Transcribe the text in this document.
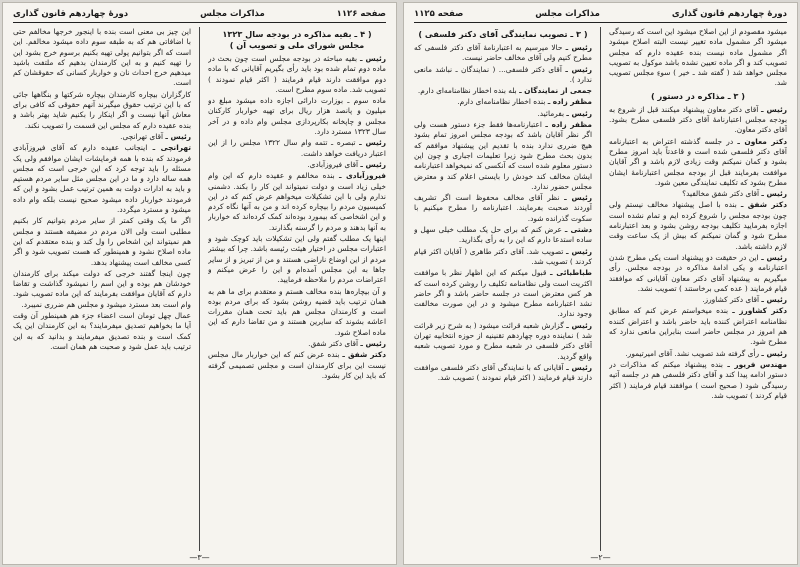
صفحه ۱۱۲۶
مذاکرات مجلس
دورهٔ چهاردهم قانون گذاری
( ۴ ـ بقیه مذاکره در بودجه سال ۱۳۲۳ مجلس شورای ملی و تصویب آن )
رئیس ـ بقیه مباحثه در بودجه مجلس است چون بحث در ماده دوم تمام شده بود باید رأی بگیریم آقایانی که با ماده دوم موافقت دارند قیام فرمایند ( اکثر قیام نمودند ) تصویب شد. ماده سوم مطرح است.
ماده سوم ـ بوزارت دارائی اجازه داده میشود مبلغ دو میلیون و پانصد هزار ریال برای تهیه خواربار کارکنان مجلس و چاپخانه بکارپردازی مجلس وام داده و در آخر سال ۱۳۲۳ مسترد دارد.
رئیس ـ تبصره ـ تتمه وام سال ۱۳۲۲ مجلس را از این اعتبار دریافت خواهد داشت.
رئیس ـ آقای فیروزآبادی.
فیروزآبادی ـ بنده مخالفم و عقیده دارم که این وام خیلی زیاد است و دولت نمیتواند این کار را بکند. دشمنی ندارم ولی با این تشکیلات میخواهم عرض کنم که در این کمیسیون مردم را بیچاره کرده اند و من به آنها نگاه کردم و این اشخاصی که بیمورد بوده‌اند کمک کرده‌اند که خواربار به آنها بدهند و مردم را گرسنه بگذارند.
اینها یک مطلب گفتم ولی این تشکیلات باید کوچک شود و اعتبارات مجلس در اختیار هیئت رئیسه باشد. چرا که بیشتر مردم از این اوضاع ناراضی هستند و من از تبریز و از سایر جاها به این مجلس آمده‌ام و این را عرض میکنم و اعتراضات مردم را ملاحظه فرمایید.
و آن بیچاره‌ها بنده مخالف هستم و معتقدم برای ما هم به همان ترتیب باید قضیه روشن بشود که برای مردم بوده است و کارمندان مجلس هم باید تحت همان مقررات اعاشه بشوند که سایرین هستند و من تقاضا دارم که این ماده اصلاح شود.
رئیس ـ آقای دکتر شفق.
دکتر شفق ـ بنده عرض کنم که این خواربار مال مجلس نیست این برای کارمندان است و مجلس تصمیمی گرفته که باید این کار بشود.
این چیز بی معنی است بنده با اینجور خرجها مخالفم حتی با اضافاتی هم که به طبقه سوم داده میشود مخالفم. این است که اگر بتوانیم پولی تهیه بکنیم برسوم خرج بشود این را تهیه کنیم و به این کارمندان بدهیم که ملتفت باشید میدهیم خرج احداث نان و خواربار کسانی که حقوقشان کم است.
کارگزاران بیچاره کارمندان بیچاره شرکتها و بنگاهها جائی که با این ترتیب حقوق میگیرند آنهم حقوقی که کافی برای معاش آنها نیست و اگر اینکار را بکنیم شاید بهتر باشد و بنده عقیده دارم که مجلس این قسمت را تصویب نکند.
رئیس ـ آقای تهرانچی.
تهرانچی ـ اینجانب عقیده دارم که آقای فیروزآبادی فرمودند که بنده با همه فرمایشات ایشان موافقم ولی یک مسئله را باید توجه کرد که این خرجی است که مجلس همه ساله دارد و ما در این مجلس مثل سایر مردم هستیم و باید به ادارات دولت به همین ترتیب عمل بشود و این که فرمودند خواربار داده میشود صحیح نیست بلکه وام داده میشود و مسترد میگردد.
اگر ما یک وقتی کمتر از سایر مردم بتوانیم کار بکنیم مطلبی است ولی الان مردم در مضیقه هستند و مجلس هم نمیتواند این اشخاص را ول کند و بنده معتقدم که این ماده اصلاح نشود و همینطور که هست تصویب شود و اگر کسی مخالف است پیشنهاد بدهد.
چون اینجا گفتند خرجی که دولت میکند برای کارمندان خودشان هم بوده و این اسم را نمیشود گذاشت و تقاضا دارم که آقایان موافقت بفرمایند که این ماده تصویب شود. وام است بعد مسترد میشود و مجلس هم ضرری نمیبرد.
عمال چهل تومان است اعضاء جزء هم همینطور آن وقت آیا ما بخواهیم تصدیق میفرمایند؟ به این کارمندان این یک کمک است و بنده تصدیق میفرمایند و بدانید که به این ترتیب باید عمل شود و صحبت هم همان است.
—۳—
دورهٔ چهاردهم قانون گذاری
مذاکرات مجلس
صفحه ۱۱۲۵
میشود مقصودم از این اصلاح میشود این است که رسیدگی میشود اگر مشمول ماده تغییر نیست البته اصلاح میشود اگر مشمول ماده نیست بنده عقیده دارم که مجلس تصویب کند و اگر ماده تعیین نشده باشد موکول به تصویب مجلس خواهد شد ( گفته شد ـ خیر ) سوءِ مجلس تصویب شد.
( ۳ ـ مذاکره در دستور )
رئیس ـ آقای دکتر معاون پیشنهاد میکنند قبل از شروع به بودجه مجلس اعتبارنامهٔ آقای دکتر فلسفی مطرح بشود. آقای دکتر معاون.
دکتر معاون ـ در جلسه گذشته اعتراض به اعتبارنامه آقای دکتر فلسفی شده است و قاعدتاً باید امروز مطرح بشود و کمان نمیکنم وقت زیادی لازم باشد و اگر آقایان موافقت بفرمایند قبل از بودجه مجلس اعتبارنامهٔ ایشان مطرح بشود که تکلیف نمایندگی معین شود.
رئیس ـ آقای دکتر شفق مخالفید؟
دکتر شفق ـ بنده با اصل پیشنهاد مخالف نیستم ولی چون بودجه مجلس را شروع کرده ایم و تمام نشده است اجازه بفرمایید تکلیف بودجه روشن بشود و بعد اعتبارنامه مطرح شود و گمان نمیکنم که بیش از یک ساعت وقت لازم داشته باشد.
رئیس ـ این در حقیقت دو پیشنهاد است یکی مطرح شدن اعتبارنامه و یکی ادامهٔ مذاکره در بودجه مجلس. رأی میگیریم به پیشنهاد آقای دکتر معاون آقایانی که موافقند قیام فرمایند ( عده کمی برخاستند ) تصویب نشد.
رئیس ـ آقای دکتر کشاورز.
دکتر کشاورز ـ بنده میخواستم عرض کنم که مطابق نظامنامه اعتراض کننده باید حاضر باشد و اعتراض کننده هم امروز در مجلس حاضر است بنابراین مانعی ندارد که مطرح شود.
رئیس ـ رأی گرفته شد تصویب نشد. آقای امیرتیمور.
مهندس فریور ـ بنده پیشنهاد میکنم که مذاکرات در دستور ادامه پیدا کند و آقای دکتر فلسفی هم در جلسه آتیه رسیدگی شود ( صحیح است ) موافقند قیام فرمایند ( اکثر قیام کردند ) تصویب شد.
( ۳ ـ تصویب نمایندگی آقای دکتر فلسفی )
رئیس ـ حالا میرسیم به اعتبارنامهٔ آقای دکتر فلسفی که مطرح کنیم ولی آقای مخالف حاضر نیست.
رئیس ـ آقای دکتر فلسفی... ( نمایندگان ـ نباشد مانعی ندارد ).
جمعی از نمایندگان ـ بله بنده اخطار نظامنامه‌ای دارم.
مظفر زاده ـ بنده اخطار نظامنامه‌ای دارم.
رئیس ـ بفرمائید.
مظفر زاده ـ اعتبارنامه‌ها فقط جزء دستور هست ولی اگر نظر آقایان باشد که بودجه مجلس امروز تمام بشود هیچ ضرری ندارد بنده با تقدیم این پیشنهاد موافقم که بدون بحث مطرح شود زیرا تعلیمات اجباری و چون این دستور معلوم شده است که آنکسی که نمیخواهد اعتبارنامه ایشان مخالف کند خودش را بایستی اعلام کند و معترض مجلس حضور ندارد.
رئیس ـ نظر آقای مخالف محفوظ است اگر تشریف آوردند صحبت بفرمایند. اعتبارنامه را مطرح میکنیم با سکوت گذرانده شود.
دشتی ـ عرض کنم که برای حل یک مطلب خیلی سهل و ساده استدعا دارم که این را به رأی بگذارید.
رئیس ـ تصویب شد. آقای دکتر طاهری ( آقایان اکثر قیام کردند ) تصویب شد.
طباطبائی ـ قبول میکنم که این اظهار نظر با موافقت اکثریت است ولی نظامنامه تکلیف را روشن کرده است که هر کس معترض است در جلسه حاضر باشد و اگر حاضر نشد اعتبارنامه مطرح میشود و در این صورت مخالفت وجود ندارد.
رئیس ـ گزارش شعبه قرائت میشود ( به شرح زیر قرائت شد ) نماینده دوره چهاردهم تقنینیه از حوزه انتخابیه تهران آقای دکتر فلسفی در شعبه مطرح و مورد تصویب شعبه واقع گردید.
رئیس ـ آقایانی که با نمایندگی آقای دکتر فلسفی موافقت دارند قیام فرمایند ( اکثر قیام نمودند ) تصویب شد.
—۲—
